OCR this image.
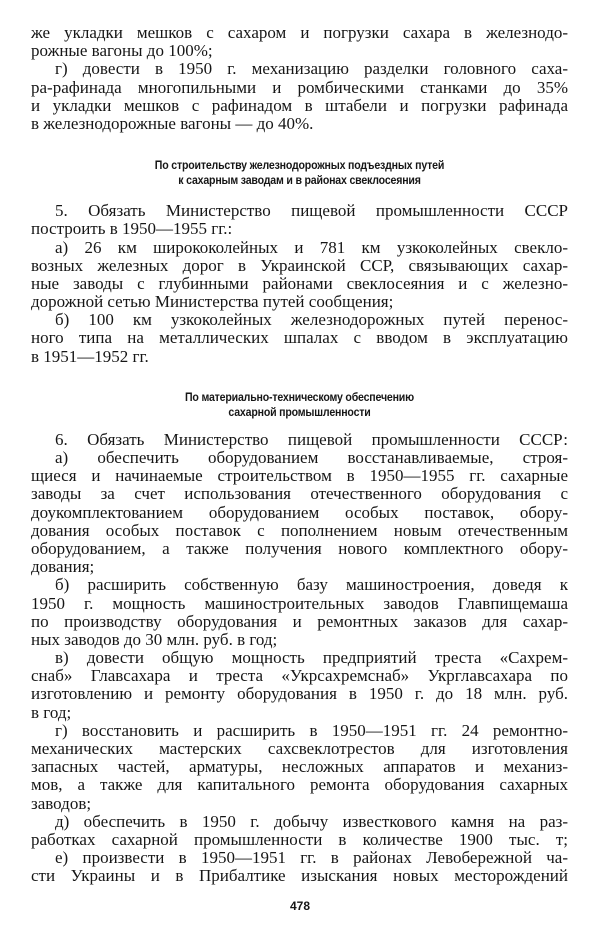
же укладки мешков с сахаром и погрузки сахара в железнодо-
рожные вагоны до 100%;
г) довести в 1950 г. механизацию разделки головного саха-
ра-рафинада многопильными и ромбическими станками до 35%
и укладки мешков с рафинадом в штабели и погрузки рафинада
в железнодорожные вагоны — до 40%.
По строительству железнодорожных подъездных путей
к сахарным заводам и в районах свеклосеяния
5. Обязать Министерство пищевой промышленности СССР
построить в 1950—1955 гг.:
а) 26 км ширококолейных и 781 км узкоколейных свекло-
возных железных дорог в Украинской ССР, связывающих сахар-
ные заводы с глубинными районами свеклосеяния и с железно-
дорожной сетью Министерства путей сообщения;
б) 100 км узкоколейных железнодорожных путей перенос-
ного типа на металлических шпалах с вводом в эксплуатацию
в 1951—1952 гг.
По материально-техническому обеспечению
сахарной промышленности
6. Обязать Министерство пищевой промышленности СССР:
а) обеспечить оборудованием восстанавливаемые, строя-
щиеся и начинаемые строительством в 1950—1955 гг. сахарные
заводы за счет использования отечественного оборудования с
доукомплектованием оборудованием особых поставок, обору-
дования особых поставок с пополнением новым отечественным
оборудованием, а также получения нового комплектного обору-
дования;
б) расширить собственную базу машиностроения, доведя к
1950 г. мощность машиностроительных заводов Главпищемаша
по производству оборудования и ремонтных заказов для сахар-
ных заводов до 30 млн. руб. в год;
в) довести общую мощность предприятий треста «Сахрем-
снаб» Главсахара и треста «Укрсахремснаб» Укрглавсахара по
изготовлению и ремонту оборудования в 1950 г. до 18 млн. руб.
в год;
г) восстановить и расширить в 1950—1951 гг. 24 ремонтно-
механических мастерских сахсвеклотрестов для изготовления
запасных частей, арматуры, несложных аппаратов и механиз-
мов, а также для капитального ремонта оборудования сахарных
заводов;
д) обеспечить в 1950 г. добычу известкового камня на раз-
работках сахарной промышленности в количестве 1900 тыс. т;
е) произвести в 1950—1951 гг. в районах Левобережной ча-
сти Украины и в Прибалтике изыскания новых месторождений
478
